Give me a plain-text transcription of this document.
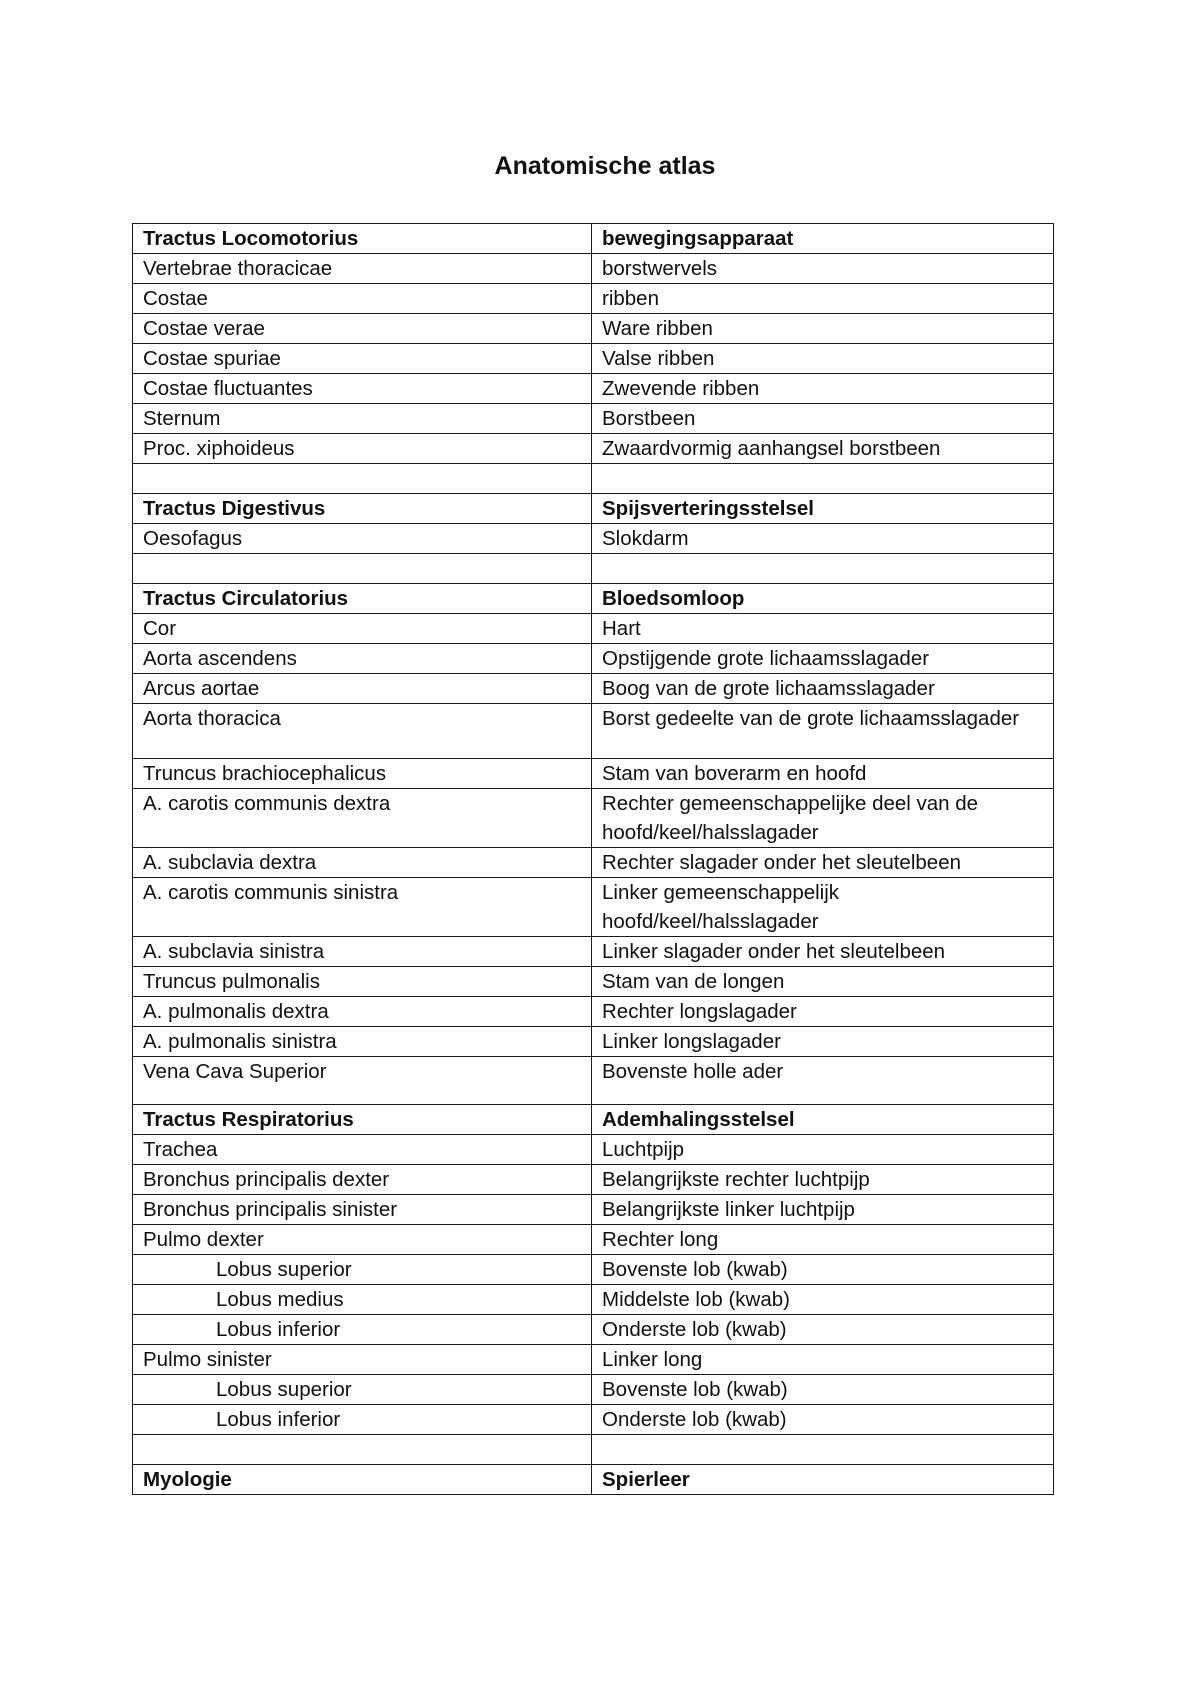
Anatomische atlas
Tractus Locomotorius	bewegingsapparaat
Vertebrae thoracicae	borstwervels
Costae	ribben
Costae verae	Ware ribben
Costae spuriae	Valse ribben
Costae fluctuantes	Zwevende ribben
Sternum	Borstbeen
Proc. xiphoideus	Zwaardvormig aanhangsel borstbeen

Tractus Digestivus	Spijsverteringsstelsel
Oesofagus	Slokdarm

Tractus Circulatorius	Bloedsomloop
Cor	Hart
Aorta ascendens	Opstijgende grote lichaamsslagader
Arcus aortae	Boog van de grote lichaamsslagader
Aorta thoracica	Borst gedeelte van de grote lichaamsslagader
Truncus brachiocephalicus	Stam van boverarm en hoofd
A. carotis communis dextra	Rechter gemeenschappelijke deel van de hoofd/keel/halsslagader
A. subclavia dextra	Rechter slagader onder het sleutelbeen
A. carotis communis sinistra	Linker gemeenschappelijk hoofd/keel/halsslagader
A. subclavia sinistra	Linker slagader onder het sleutelbeen
Truncus pulmonalis	Stam van de longen
A. pulmonalis dextra	Rechter longslagader
A. pulmonalis sinistra	Linker longslagader
Vena Cava Superior	Bovenste holle ader
Tractus Respiratorius	Ademhalingsstelsel
Trachea	Luchtpijp
Bronchus principalis dexter	Belangrijkste rechter luchtpijp
Bronchus principalis sinister	Belangrijkste linker luchtpijp
Pulmo dexter	Rechter long
Lobus superior	Bovenste lob (kwab)
Lobus medius	Middelste lob (kwab)
Lobus inferior	Onderste lob (kwab)
Pulmo sinister	Linker long
Lobus superior	Bovenste lob (kwab)
Lobus inferior	Onderste lob (kwab)

Myologie	Spierleer
